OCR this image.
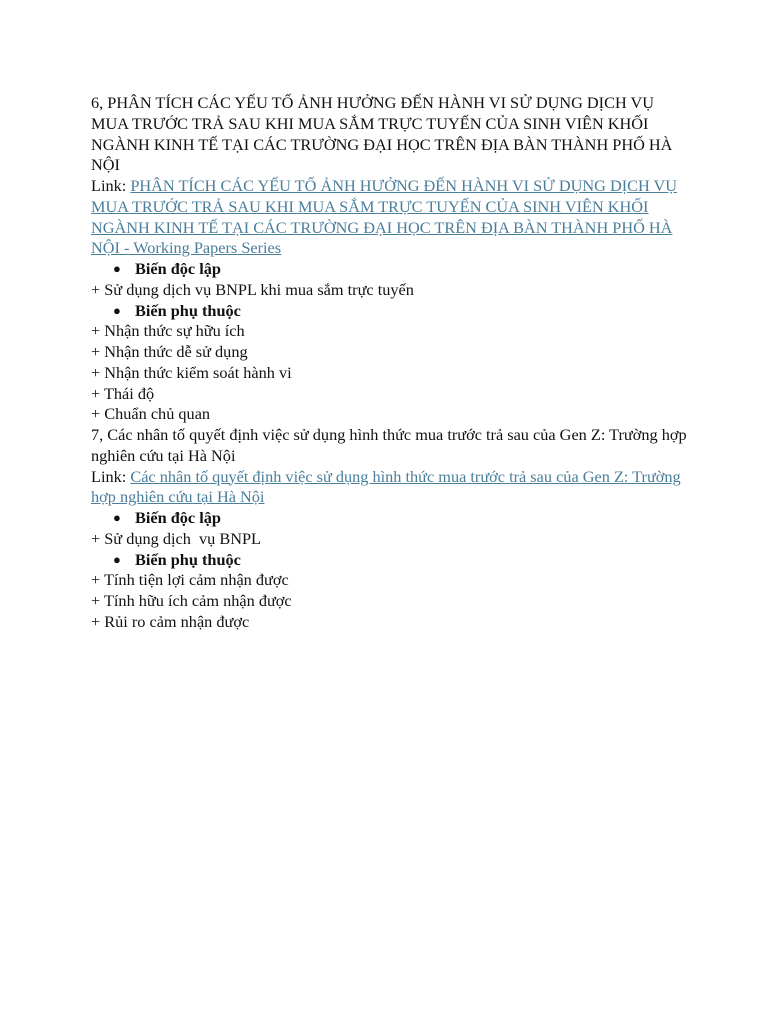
6, PHÂN TÍCH CÁC YẾU TỐ ẢNH HƯỞNG ĐẾN HÀNH VI SỬ DỤNG DỊCH VỤ MUA TRƯỚC TRẢ SAU KHI MUA SẮM TRỰC TUYẾN CỦA SINH VIÊN KHỐI NGÀNH KINH TẾ TẠI CÁC TRƯỜNG ĐẠI HỌC TRÊN ĐỊA BÀN THÀNH PHỐ HÀ NỘI
Link: PHÂN TÍCH CÁC YẾU TỐ ẢNH HƯỞNG ĐẾN HÀNH VI SỬ DỤNG DỊCH VỤ MUA TRƯỚC TRẢ SAU KHI MUA SẮM TRỰC TUYẾN CỦA SINH VIÊN KHỐI NGÀNH KINH TẾ TẠI CÁC TRƯỜNG ĐẠI HỌC TRÊN ĐỊA BÀN THÀNH PHỐ HÀ NỘI - Working Papers Series
● Biến độc lập
+ Sử dụng dịch vụ BNPL khi mua sắm trực tuyến
● Biến phụ thuộc
+ Nhận thức sự hữu ích
+ Nhận thức dễ sử dụng
+ Nhận thức kiểm soát hành vi
+ Thái độ
+ Chuẩn chủ quan
7, Các nhân tố quyết định việc sử dụng hình thức mua trước trả sau của Gen Z: Trường hợp nghiên cứu tại Hà Nội
Link: Các nhân tố quyết định việc sử dụng hình thức mua trước trả sau của Gen Z: Trường hợp nghiên cứu tại Hà Nội
● Biến độc lập
+ Sử dụng dịch  vụ BNPL
● Biến phụ thuộc
+ Tính tiện lợi cảm nhận được
+ Tính hữu ích cảm nhận được
+ Rủi ro cảm nhận được
